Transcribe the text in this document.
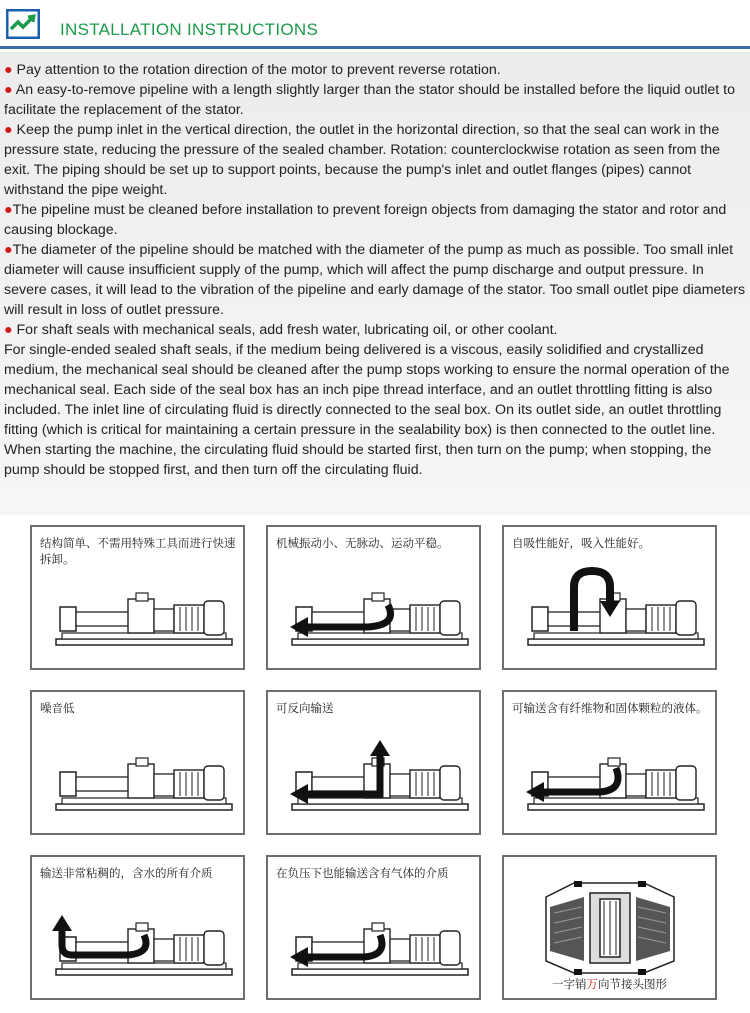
INSTALLATION INSTRUCTIONS

● Pay attention to the rotation direction of the motor to prevent reverse rotation.

● An easy-to-remove pipeline with a length slightly larger than the stator should be installed before the liquid outlet to facilitate the replacement of the stator.

● Keep the pump inlet in the vertical direction, the outlet in the horizontal direction, so that the seal can work in the pressure state, reducing the pressure of the sealed chamber. Rotation: counterclockwise rotation as seen from the exit. The piping should be set up to support points, because the pump's inlet and outlet flanges (pipes) cannot withstand the pipe weight.

●The pipeline must be cleaned before installation to prevent foreign objects from damaging the stator and rotor and causing blockage.

●The diameter of the pipeline should be matched with the diameter of the pump as much as possible. Too small inlet diameter will cause insufficient supply of the pump, which will affect the pump discharge and output pressure. In severe cases, it will lead to the vibration of the pipeline and early damage of the stator. Too small outlet pipe diameters will result in loss of outlet pressure.

● For shaft seals with mechanical seals, add fresh water, lubricating oil, or other coolant.

For single-ended sealed shaft seals, if the medium being delivered is a viscous, easily solidified and crystallized medium, the mechanical seal should be cleaned after the pump stops working to ensure the normal operation of the mechanical seal. Each side of the seal box has an inch pipe thread interface, and an outlet throttling fitting is also included. The inlet line of circulating fluid is directly connected to the seal box. On its outlet side, an outlet throttling fitting (which is critical for maintaining a certain pressure in the sealability box) is then connected to the outlet line. When starting the machine, the circulating fluid should be started first, then turn on the pump; when stopping, the pump should be stopped first, and then turn off the circulating fluid.

结构简单、不需用特殊工具而进行快速拆卸。
机械振动小、无脉动、运动平稳。	自吸性能好，吸入性能好。
噪音低	可反向输送	可输送含有纤维物和固体颗粒的液体。
输送非常粘稠的，含水的所有介质	在负压下也能输送含有气体的介质
一字销万向节接头图形
